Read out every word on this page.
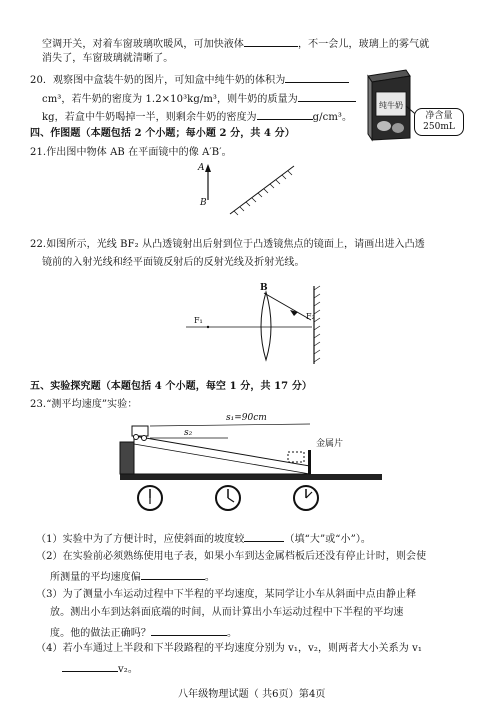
空调开关，对着车窗玻璃吹暖风，可加快液体	，不一会儿，玻璃上的雾气就
消失了，车窗玻璃就清晰了。
20．观察图中盒装牛奶的图片，可知盒中纯牛奶的体积为
cm³，若牛奶的密度为 1.2×10³kg/m³，则牛奶的质量为
kg，若盒中牛奶喝掉一半，则剩余牛奶的密度为	g/cm³。
纯牛奶
净含量
250mL
四、作图题（本题包括 2 个小题；每小题 2 分，共 4 分）
21.作出图中物体 AB 在平面镜中的像 A′B′。
A
B
22.如图所示，光线 BF₂ 从凸透镜射出后射到位于凸透镜焦点的镜面上，请画出进入凸透
镜前的入射光线和经平面镜反射后的反射光线及折射光线。
F₁
B
F₂
五、实验探究题（本题包括 4 个小题，每空 1 分，共 17 分）
23.“测平均速度”实验：
金属片
s₁=90cm
s₂
（1）实验中为了方便计时，应使斜面的坡度较	（填“大”或“小”）。
（2）在实验前必须熟练使用电子表，如果小车到达金属档板后还没有停止计时，则会使
所测量的平均速度偏	。
（3）为了测量小车运动过程中下半程的平均速度，某同学让小车从斜面中点由静止释
放。测出小车到达斜面底端的时间，从而计算出小车运动过程中下半程的平均速
度。他的做法正确吗？	。
（4）若小车通过上半段和下半段路程的平均速度分别为 v₁，v₂，则两者大小关系为 v₁
v₂。
八年级物理试题（ 共6页）第4页
